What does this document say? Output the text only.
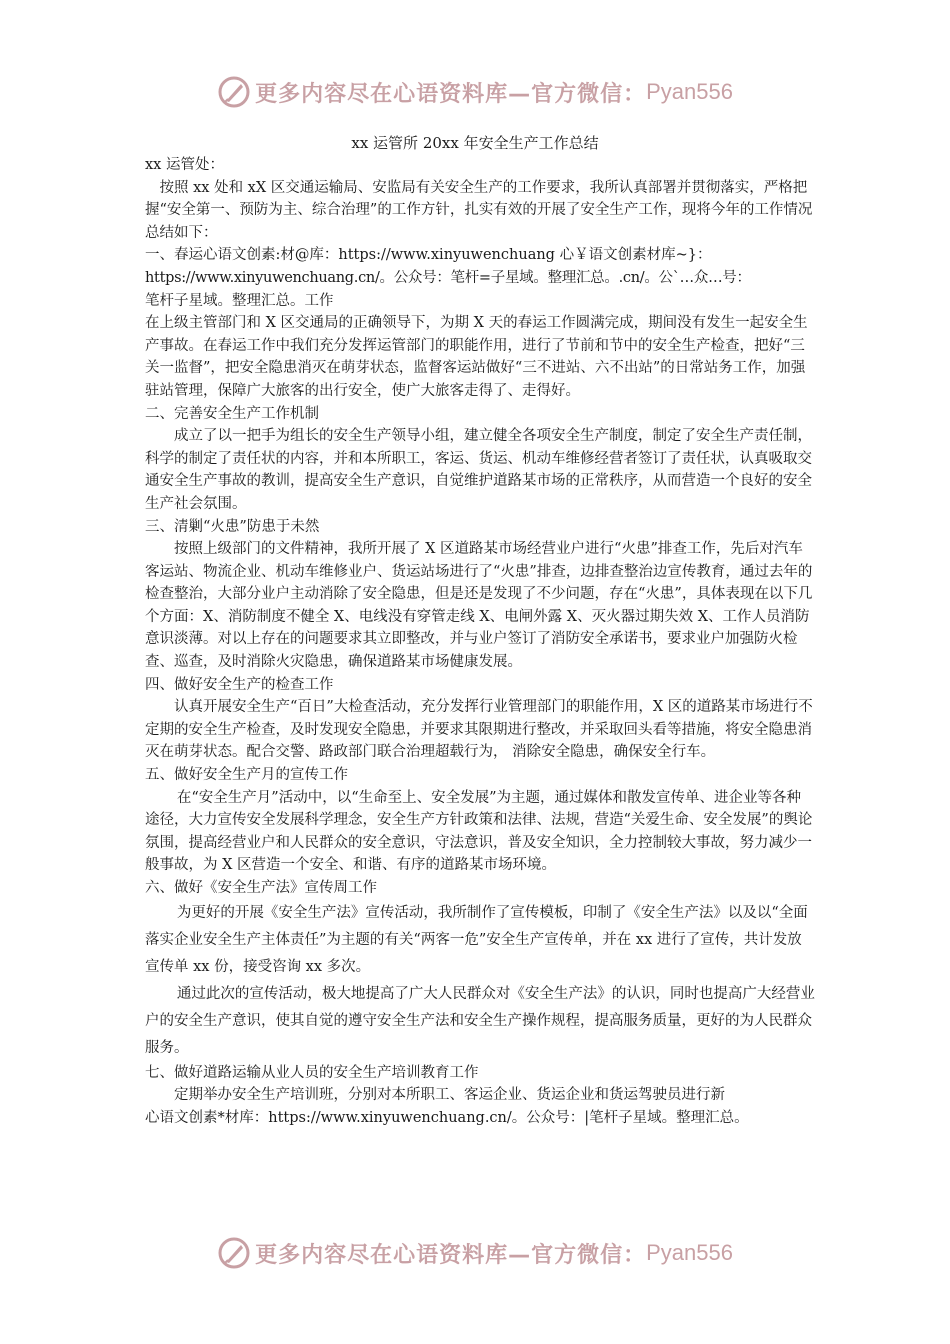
更多内容尽在心语资料库—官方微信： Pyan556
xx 运管所 20xx 年安全生产工作总结

xx 运管处：

按照 xx 处和 xX 区交通运输局、安监局有关安全生产的工作要求，我所认真部署并贯彻落实，严格把握“安全第一、预防为主、综合治理”的工作方针，扎实有效的开展了安全生产工作，现将今年的工作情况总结如下：

一、春运心语文创素:材@库：https://www.xinyuwenchuang 心￥语文创素材库~}：

https://www.xinyuwenchuang.cn/。公众号：笔杆=子星域。整理汇总。.cn/。公`…众…号：

笔杆子星域。整理汇总。工作

在上级主管部门和 X 区交通局的正确领导下，为期 X 天的春运工作圆满完成，期间没有发生一起安全生产事故。在春运工作中我们充分发挥运管部门的职能作用，进行了节前和节中的安全生产检查，把好“三关一监督”，把安全隐患消灭在萌芽状态，监督客运站做好“三不进站、六不出站”的日常站务工作，加强驻站管理，保障广大旅客的出行安全，使广大旅客走得了、走得好。

二、完善安全生产工作机制

成立了以一把手为组长的安全生产领导小组，建立健全各项安全生产制度，制定了安全生产责任制，科学的制定了责任状的内容，并和本所职工，客运、货运、机动车维修经营者签订了责任状，认真吸取交通安全生产事故的教训，提高安全生产意识，自觉维护道路某市场的正常秩序，从而营造一个良好的安全生产社会氛围。

三、清剿“火患”防患于未然

按照上级部门的文件精神，我所开展了 X 区道路某市场经营业户进行“火患”排查工作，先后对汽车客运站、物流企业、机动车维修业户、货运站场进行了“火患”排查，边排查整治边宣传教育，通过去年的检查整治，大部分业户主动消除了安全隐患，但是还是发现了不少问题，存在“火患”，具体表现在以下几个方面：X、消防制度不健全 X、电线没有穿管走线 X、电闸外露 X、灭火器过期失效 X、工作人员消防意识淡薄。对以上存在的问题要求其立即整改，并与业户签订了消防安全承诺书，要求业户加强防火检查、巡查，及时消除火灾隐患，确保道路某市场健康发展。

四、做好安全生产的检查工作

认真开展安全生产“百日”大检查活动，充分发挥行业管理部门的职能作用，X 区的道路某市场进行不定期的安全生产检查，及时发现安全隐患，并要求其限期进行整改，并采取回头看等措施，将安全隐患消灭在萌芽状态。配合交警、路政部门联合治理超载行为， 消除安全隐患，确保安全行车。

五、做好安全生产月的宣传工作

在“安全生产月”活动中，以“生命至上、安全发展”为主题，通过媒体和散发宣传单、进企业等各种途径，大力宣传安全发展科学理念，安全生产方针政策和法律、法规，营造“关爱生命、安全发展”的舆论氛围，提高经营业户和人民群众的安全意识，守法意识，普及安全知识，全力控制较大事故，努力减少一般事故，为 X 区营造一个安全、和谐、有序的道路某市场环境。

六、做好《安全生产法》宣传周工作

为更好的开展《安全生产法》宣传活动，我所制作了宣传模板，印制了《安全生产法》以及以“全面落实企业安全生产主体责任”为主题的有关“两客一危”安全生产宣传单，并在 xx 进行了宣传，共计发放宣传单 xx 份，接受咨询 xx 多次。

通过此次的宣传活动，极大地提高了广大人民群众对《安全生产法》的认识，同时也提高广大经营业户的安全生产意识，使其自觉的遵守安全生产法和安全生产操作规程，提高服务质量，更好的为人民群众服务。

七、做好道路运输从业人员的安全生产培训教育工作

定期举办安全生产培训班，分别对本所职工、客运企业、货运企业和货运驾驶员进行新

心语文创素*材库：https://www.xinyuwenchuang.cn/。公众号：|笔杆子星域。整理汇总。

更多内容尽在心语资料库—官方微信： Pyan556
